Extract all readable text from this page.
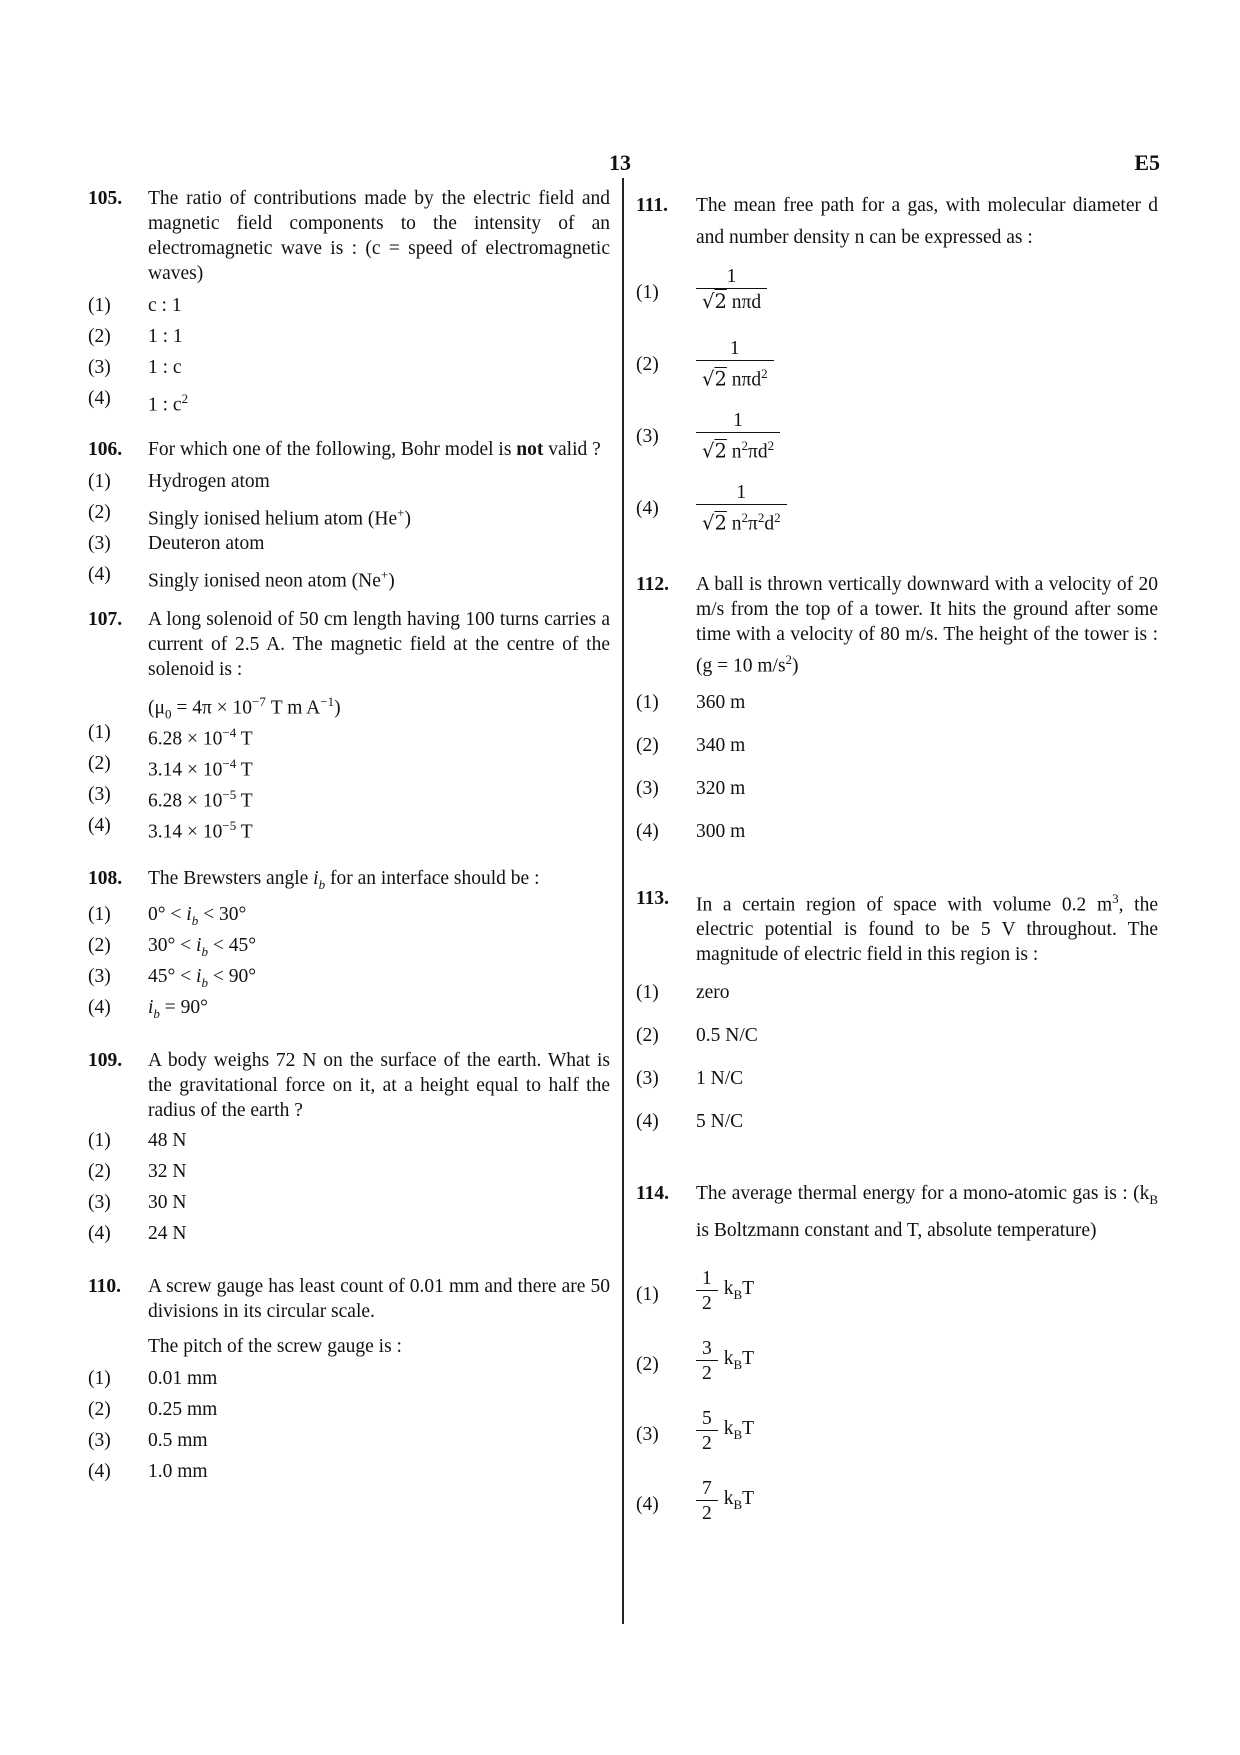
13	E5
105. The ratio of contributions made by the electric field and magnetic field components to the intensity of an electromagnetic wave is : (c = speed of electromagnetic waves)
(1) c : 1
(2) 1 : 1
(3) 1 : c
(4) 1 : $c^2$
106. For which one of the following, Bohr model is not valid ?
(1) Hydrogen atom
(2) Singly ionised helium atom (He+)
(3) Deuteron atom
(4) Singly ionised neon atom (Ne+)
107. A long solenoid of 50 cm length having 100 turns carries a current of 2.5 A. The magnetic field at the centre of the solenoid is :
($\mu_0 = 4\pi \times 10^{-7}$ T m $A^{-1}$)
(1) $6.28 \times 10^{-4}$ T
(2) $3.14 \times 10^{-4}$ T
(3) $6.28 \times 10^{-5}$ T
(4) $3.14 \times 10^{-5}$ T
108. The Brewsters angle $i_b$ for an interface should be :
(1) $0^\circ < i_b < 30^\circ$
(2) $30^\circ < i_b < 45^\circ$
(3) $45^\circ < i_b < 90^\circ$
(4) $i_b = 90^\circ$
109. A body weighs 72 N on the surface of the earth. What is the gravitational force on it, at a height equal to half the radius of the earth ?
(1) 48 N
(2) 32 N
(3) 30 N
(4) 24 N
110. A screw gauge has least count of 0.01 mm and there are 50 divisions in its circular scale.
The pitch of the screw gauge is :
(1) 0.01 mm
(2) 0.25 mm
(3) 0.5 mm
(4) 1.0 mm
111. The mean free path for a gas, with molecular diameter d and number density n can be expressed as :
$(1) \frac{1}{\text{√2 nπd}}$
$(2) \frac{1}{√2 n\pi d^2}$
$(3) \frac{1}{√2 n^2\pi d^2}$
$(4) \frac{1}{√2 n^2\pi^2d^2}$
112. A ball is thrown vertically downward with a velocity of 20 m/s from the top of a tower. It hits the ground after some time with a velocity of 80 m/s. The height of the tower is : (g = 10 $m/s^2$)
(1) 360 m
(2) 340 m
(3) 320 m
(4) 300 m
113. In a certain region of space with volume 0.2 $m^3$, the electric potential is found to be 5 V throughout. The magnitude of electric field in this region is :
(1) zero
(2) 0.5 N/C
(3) 1 N/C
(4) 5 N/C
114. The average thermal energy for a mono-atomic gas is : ($k_B$ is Boltzmann constant and T, absolute temperature)
$(1) \frac{1}{2} k_BT$
$(2) \frac{3}{2} k_BT$
$(3) \frac{5}{2} k_BT$
$(4) \frac{7}{2} k_BT$
